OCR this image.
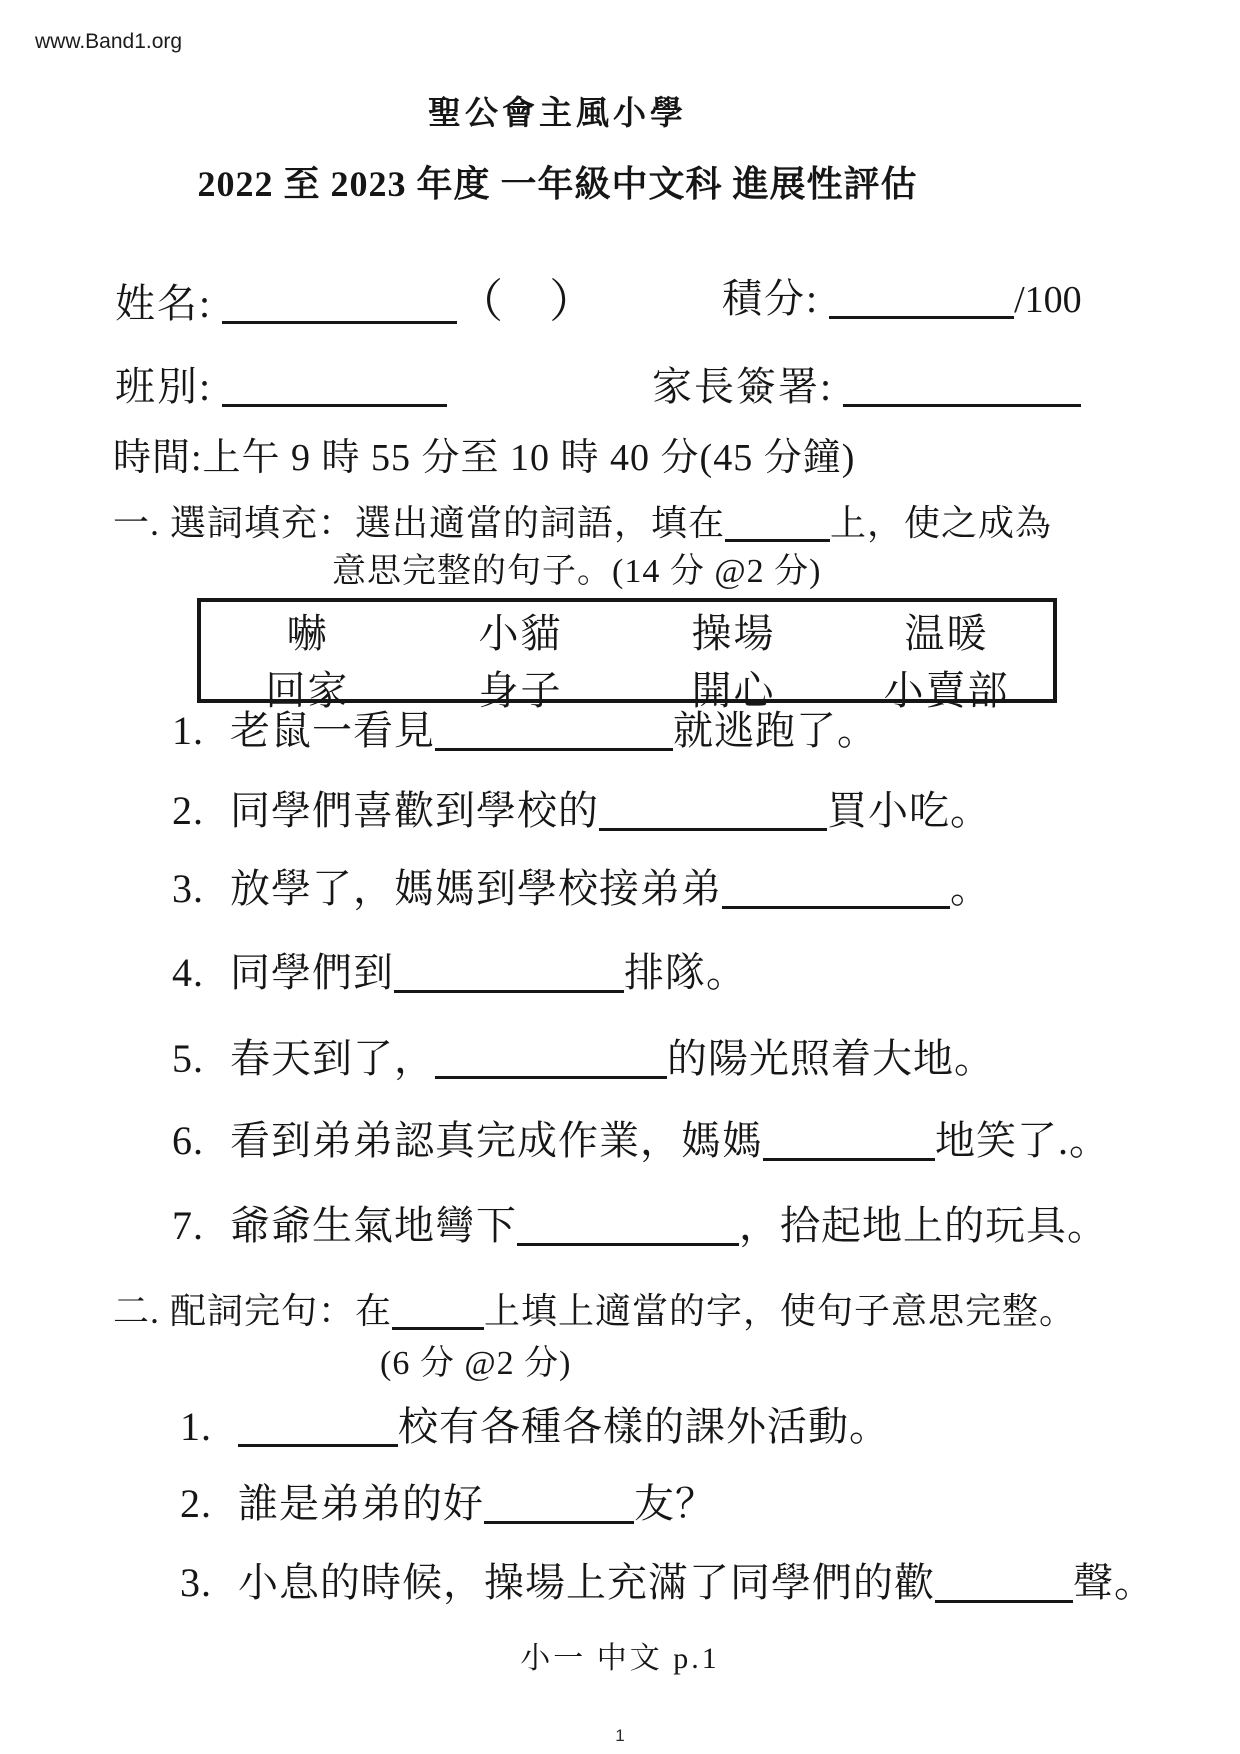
www.Band1.org
聖公會主風小學
2022 至 2023 年度 一年級中文科 進展性評估
姓名:	（　）	積分:	/100
班別:	家長簽署:
時間:上午 9 時 55 分至 10 時 40 分(45 分鐘)
一. 選詞填充：選出適當的詞語，填在	上，使之成為
意思完整的句子。(14 分 @2 分)
嚇	小貓	操場	温暖
回家	身子	開心	小賣部
1. 老鼠一看見	就逃跑了。
2. 同學們喜歡到學校的	買小吃。
3. 放學了，媽媽到學校接弟弟	。
4. 同學們到	排隊。
5. 春天到了，	的陽光照着大地。
6. 看到弟弟認真完成作業，媽媽	地笑了.。
7. 爺爺生氣地彎下	，拾起地上的玩具。
二. 配詞完句：在	上填上適當的字，使句子意思完整。
(6 分 @2 分)
1.	校有各種各樣的課外活動。
2. 誰是弟弟的好	友？
3. 小息的時候，操場上充滿了同學們的歡	聲。
小一 中文 p.1
1
